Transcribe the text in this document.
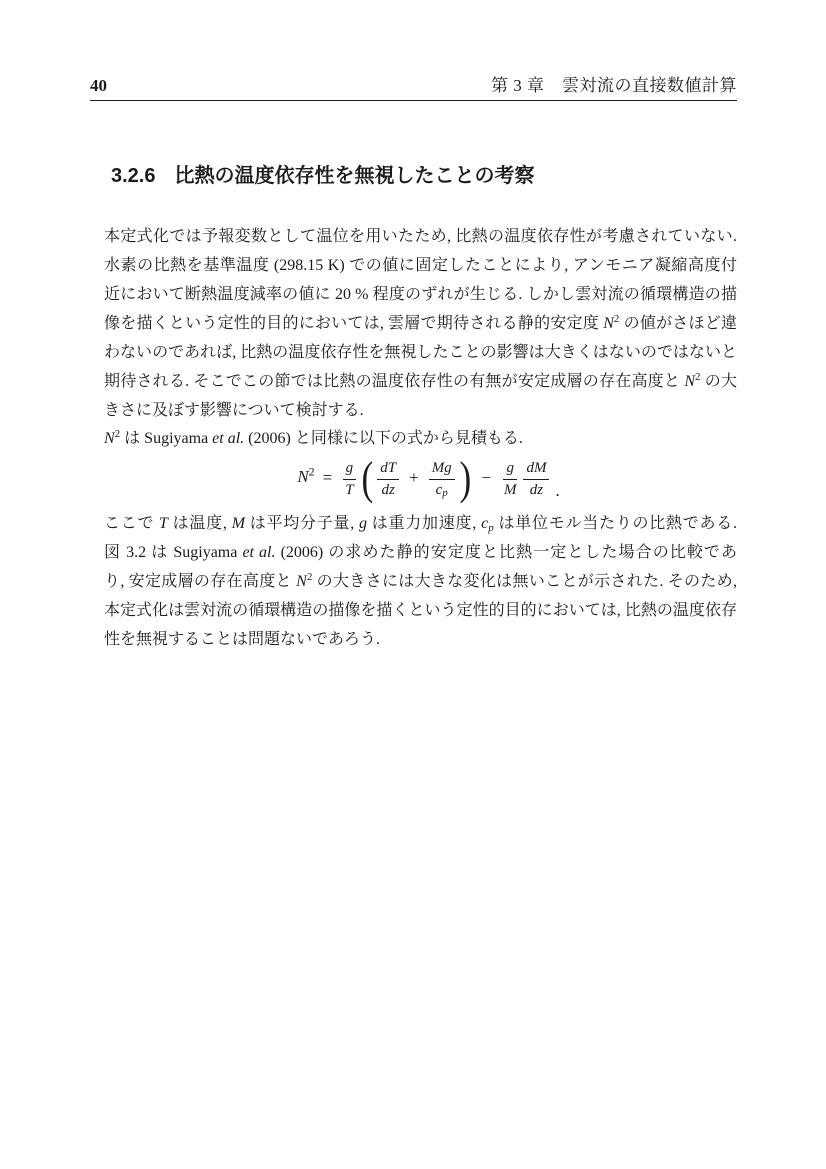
40	第 3 章　雲対流の直接数値計算
3.2.6 比熱の温度依存性を無視したことの考察
本定式化では予報変数として温位を用いたため, 比熱の温度依存性が考慮されていない.
水素の比熱を基準温度 (298.15 K) での値に固定したことにより, アンモニア凝縮高度付
近において断熱温度減率の値に 20 % 程度のずれが生じる. しかし雲対流の循環構造の描
像を描くという定性的目的においては, 雲層で期待される静的安定度 $N^2$ の値がさほど違
わないのであれば, 比熱の温度依存性を無視したことの影響は大きくはないのではないと
期待される. そこでこの節では比熱の温度依存性の有無が安定成層の存在高度と $N^2$ の大
きさに及ぼす影響について検討する.
$N^2$ は Sugiyama et al. (2006) と同様に以下の式から見積もる.
$N^2 = \frac{g}{T}$ ( $\frac{dT}{dz} + \frac{Mg}{cp}$ ) − $\frac{g}{M} \frac{dM}{dz}$ .
ここで T は温度, M は平均分子量, g は重力加速度, cp は単位モル当たりの比熱である.
図 3.2 は Sugiyama et al. (2006) の求めた静的安定度と比熱一定とした場合の比較であ
り, 安定成層の存在高度と $N^2$ の大きさには大きな変化は無いことが示された. そのため,
本定式化は雲対流の循環構造の描像を描くという定性的目的においては, 比熱の温度依存
性を無視することは問題ないであろう.
